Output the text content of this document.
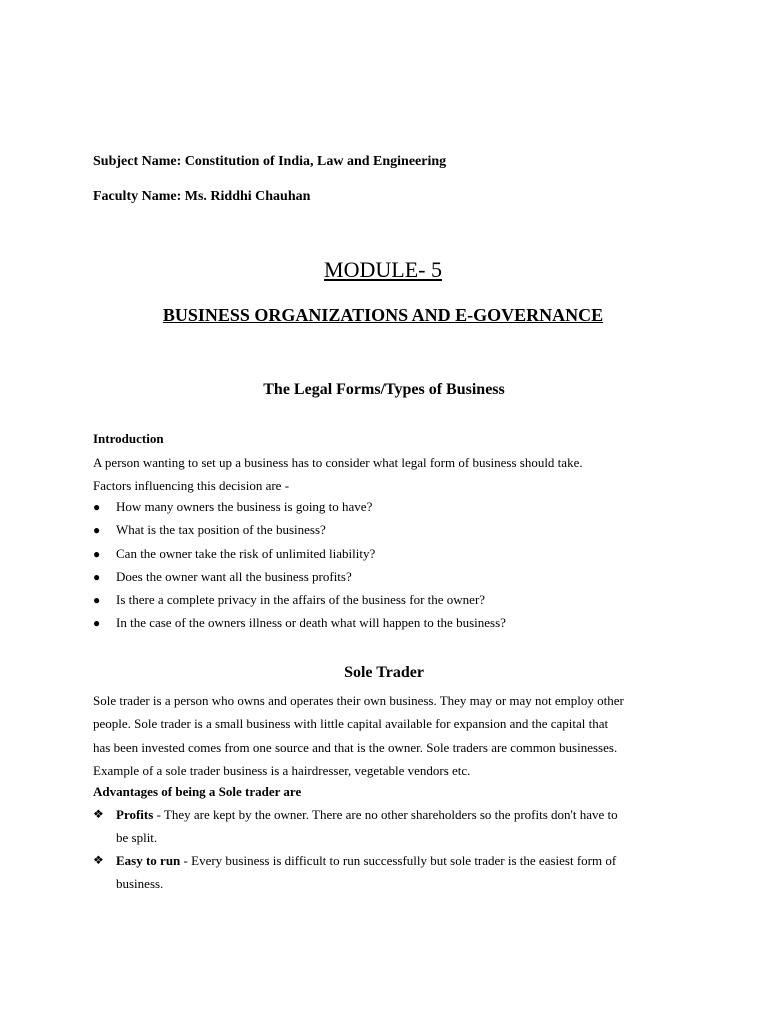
Subject Name: Constitution of India, Law and Engineering
Faculty Name: Ms. Riddhi Chauhan
MODULE- 5
BUSINESS ORGANIZATIONS AND E-GOVERNANCE
The Legal Forms/Types of Business
Introduction
A person wanting to set up a business has to consider what legal form of business should take.
Factors influencing this decision are -
● How many owners the business is going to have?
● What is the tax position of the business?
● Can the owner take the risk of unlimited liability?
● Does the owner want all the business profits?
● Is there a complete privacy in the affairs of the business for the owner?
● In the case of the owners illness or death what will happen to the business?
Sole Trader
Sole trader is a person who owns and operates their own business. They may or may not employ other
people. Sole trader is a small business with little capital available for expansion and the capital that
has been invested comes from one source and that is the owner. Sole traders are common businesses.
Example of a sole trader business is a hairdresser, vegetable vendors etc.
Advantages of being a Sole trader are
❖ Profits - They are kept by the owner. There are no other shareholders so the profits don't have to
be split.
❖ Easy to run - Every business is difficult to run successfully but sole trader is the easiest form of
business.
